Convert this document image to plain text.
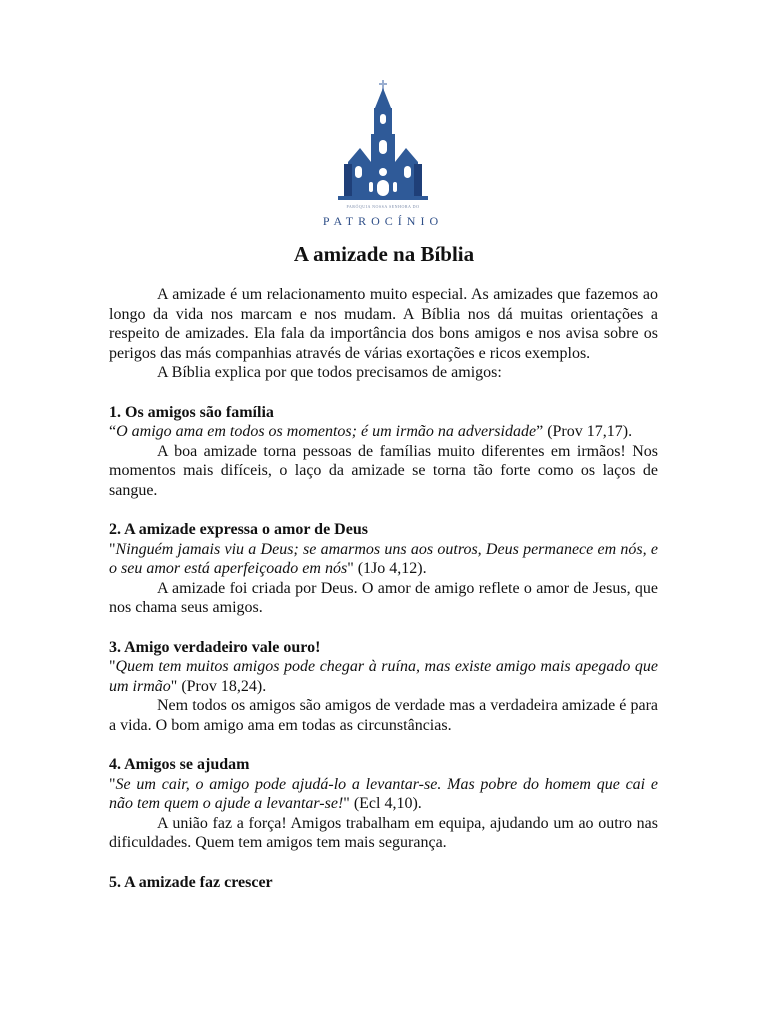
PARÓQUIA NOSSA SENHORA DO
PATROCÍNIO
A amizade na Bíblia

A amizade é um relacionamento muito especial. As amizades que fazemos ao longo da vida nos marcam e nos mudam. A Bíblia nos dá muitas orientações a respeito de amizades. Ela fala da importância dos bons amigos e nos avisa sobre os perigos das más companhias através de várias exortações e ricos exemplos.

A Bíblia explica por que todos precisamos de amigos:

1. Os amigos são família

“O amigo ama em todos os momentos; é um irmão na adversidade” (Prov 17,17).

A boa amizade torna pessoas de famílias muito diferentes em irmãos! Nos momentos mais difíceis, o laço da amizade se torna tão forte como os laços de sangue.

2. A amizade expressa o amor de Deus

"Ninguém jamais viu a Deus; se amarmos uns aos outros, Deus permanece em nós, e o seu amor está aperfeiçoado em nós" (1Jo 4,12).

A amizade foi criada por Deus. O amor de amigo reflete o amor de Jesus, que nos chama seus amigos.

3. Amigo verdadeiro vale ouro!

"Quem tem muitos amigos pode chegar à ruína, mas existe amigo mais apegado que um irmão" (Prov 18,24).

Nem todos os amigos são amigos de verdade mas a verdadeira amizade é para a vida. O bom amigo ama em todas as circunstâncias.

4. Amigos se ajudam

"Se um cair, o amigo pode ajudá-lo a levantar-se. Mas pobre do homem que cai e não tem quem o ajude a levantar-se!" (Ecl 4,10).

A união faz a força! Amigos trabalham em equipa, ajudando um ao outro nas dificuldades. Quem tem amigos tem mais segurança.

5. A amizade faz crescer
